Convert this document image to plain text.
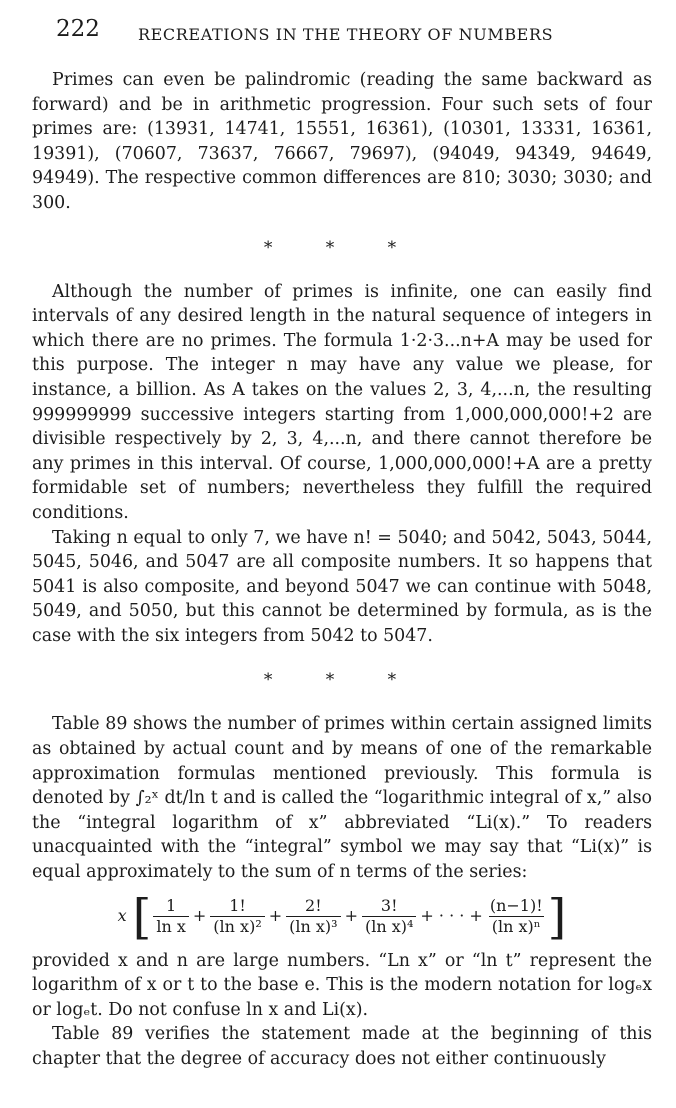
222 RECREATIONS IN THE THEORY OF NUMBERS

Primes can even be palindromic (reading the same backward as forward) and be in arithmetic progression. Four such sets of four primes are: (13931, 14741, 15551, 16361), (10301, 13331, 16361, 19391), (70607, 73637, 76667, 79697), (94049, 94349, 94649, 94949). The respective common differences are 810; 3030; 3030; and 300.

* * *

Although the number of primes is infinite, one can easily find intervals of any desired length in the natural sequence of integers in which there are no primes. The formula 1·2·3...n+A may be used for this purpose. The integer n may have any value we please, for instance, a billion. As A takes on the values 2, 3, 4,...n, the resulting 999999999 successive integers starting from 1,000,000,000!+2 are divisible respectively by 2, 3, 4,...n, and there cannot therefore be any primes in this interval. Of course, 1,000,000,000!+A are a pretty formidable set of numbers; nevertheless they fulfill the required conditions.

Taking n equal to only 7, we have n! = 5040; and 5042, 5043, 5044, 5045, 5046, and 5047 are all composite numbers. It so happens that 5041 is also composite, and beyond 5047 we can continue with 5048, 5049, and 5050, but this cannot be determined by formula, as is the case with the six integers from 5042 to 5047.

* * *

Table 89 shows the number of primes within certain assigned limits as obtained by actual count and by means of one of the remarkable approximation formulas mentioned previously. This formula is denoted by ∫₂ˣ dt/ln t and is called the “logarithmic integral of x,” also the “integral logarithm of x” abbreviated “Li(x).” To readers unacquainted with the “integral” symbol we may say that “Li(x)” is equal approximately to the sum of n terms of the series:

x [ $\frac{1}{\text{ln x}} + \frac{1!}{\text{(ln x)²}} + \frac{2!}{\text{(ln x)³}} + \frac{3!}{\text{(ln x)⁴}}$ + · · · + $\frac{(n-1)!}{\text{(ln x)ⁿ}}$ ]

provided x and n are large numbers. “Ln x” or “ln t” represent the logarithm of x or t to the base e. This is the modern notation for logₑx or logₑt. Do not confuse ln x and Li(x).

Table 89 verifies the statement made at the beginning of this chapter that the degree of accuracy does not either continuously
